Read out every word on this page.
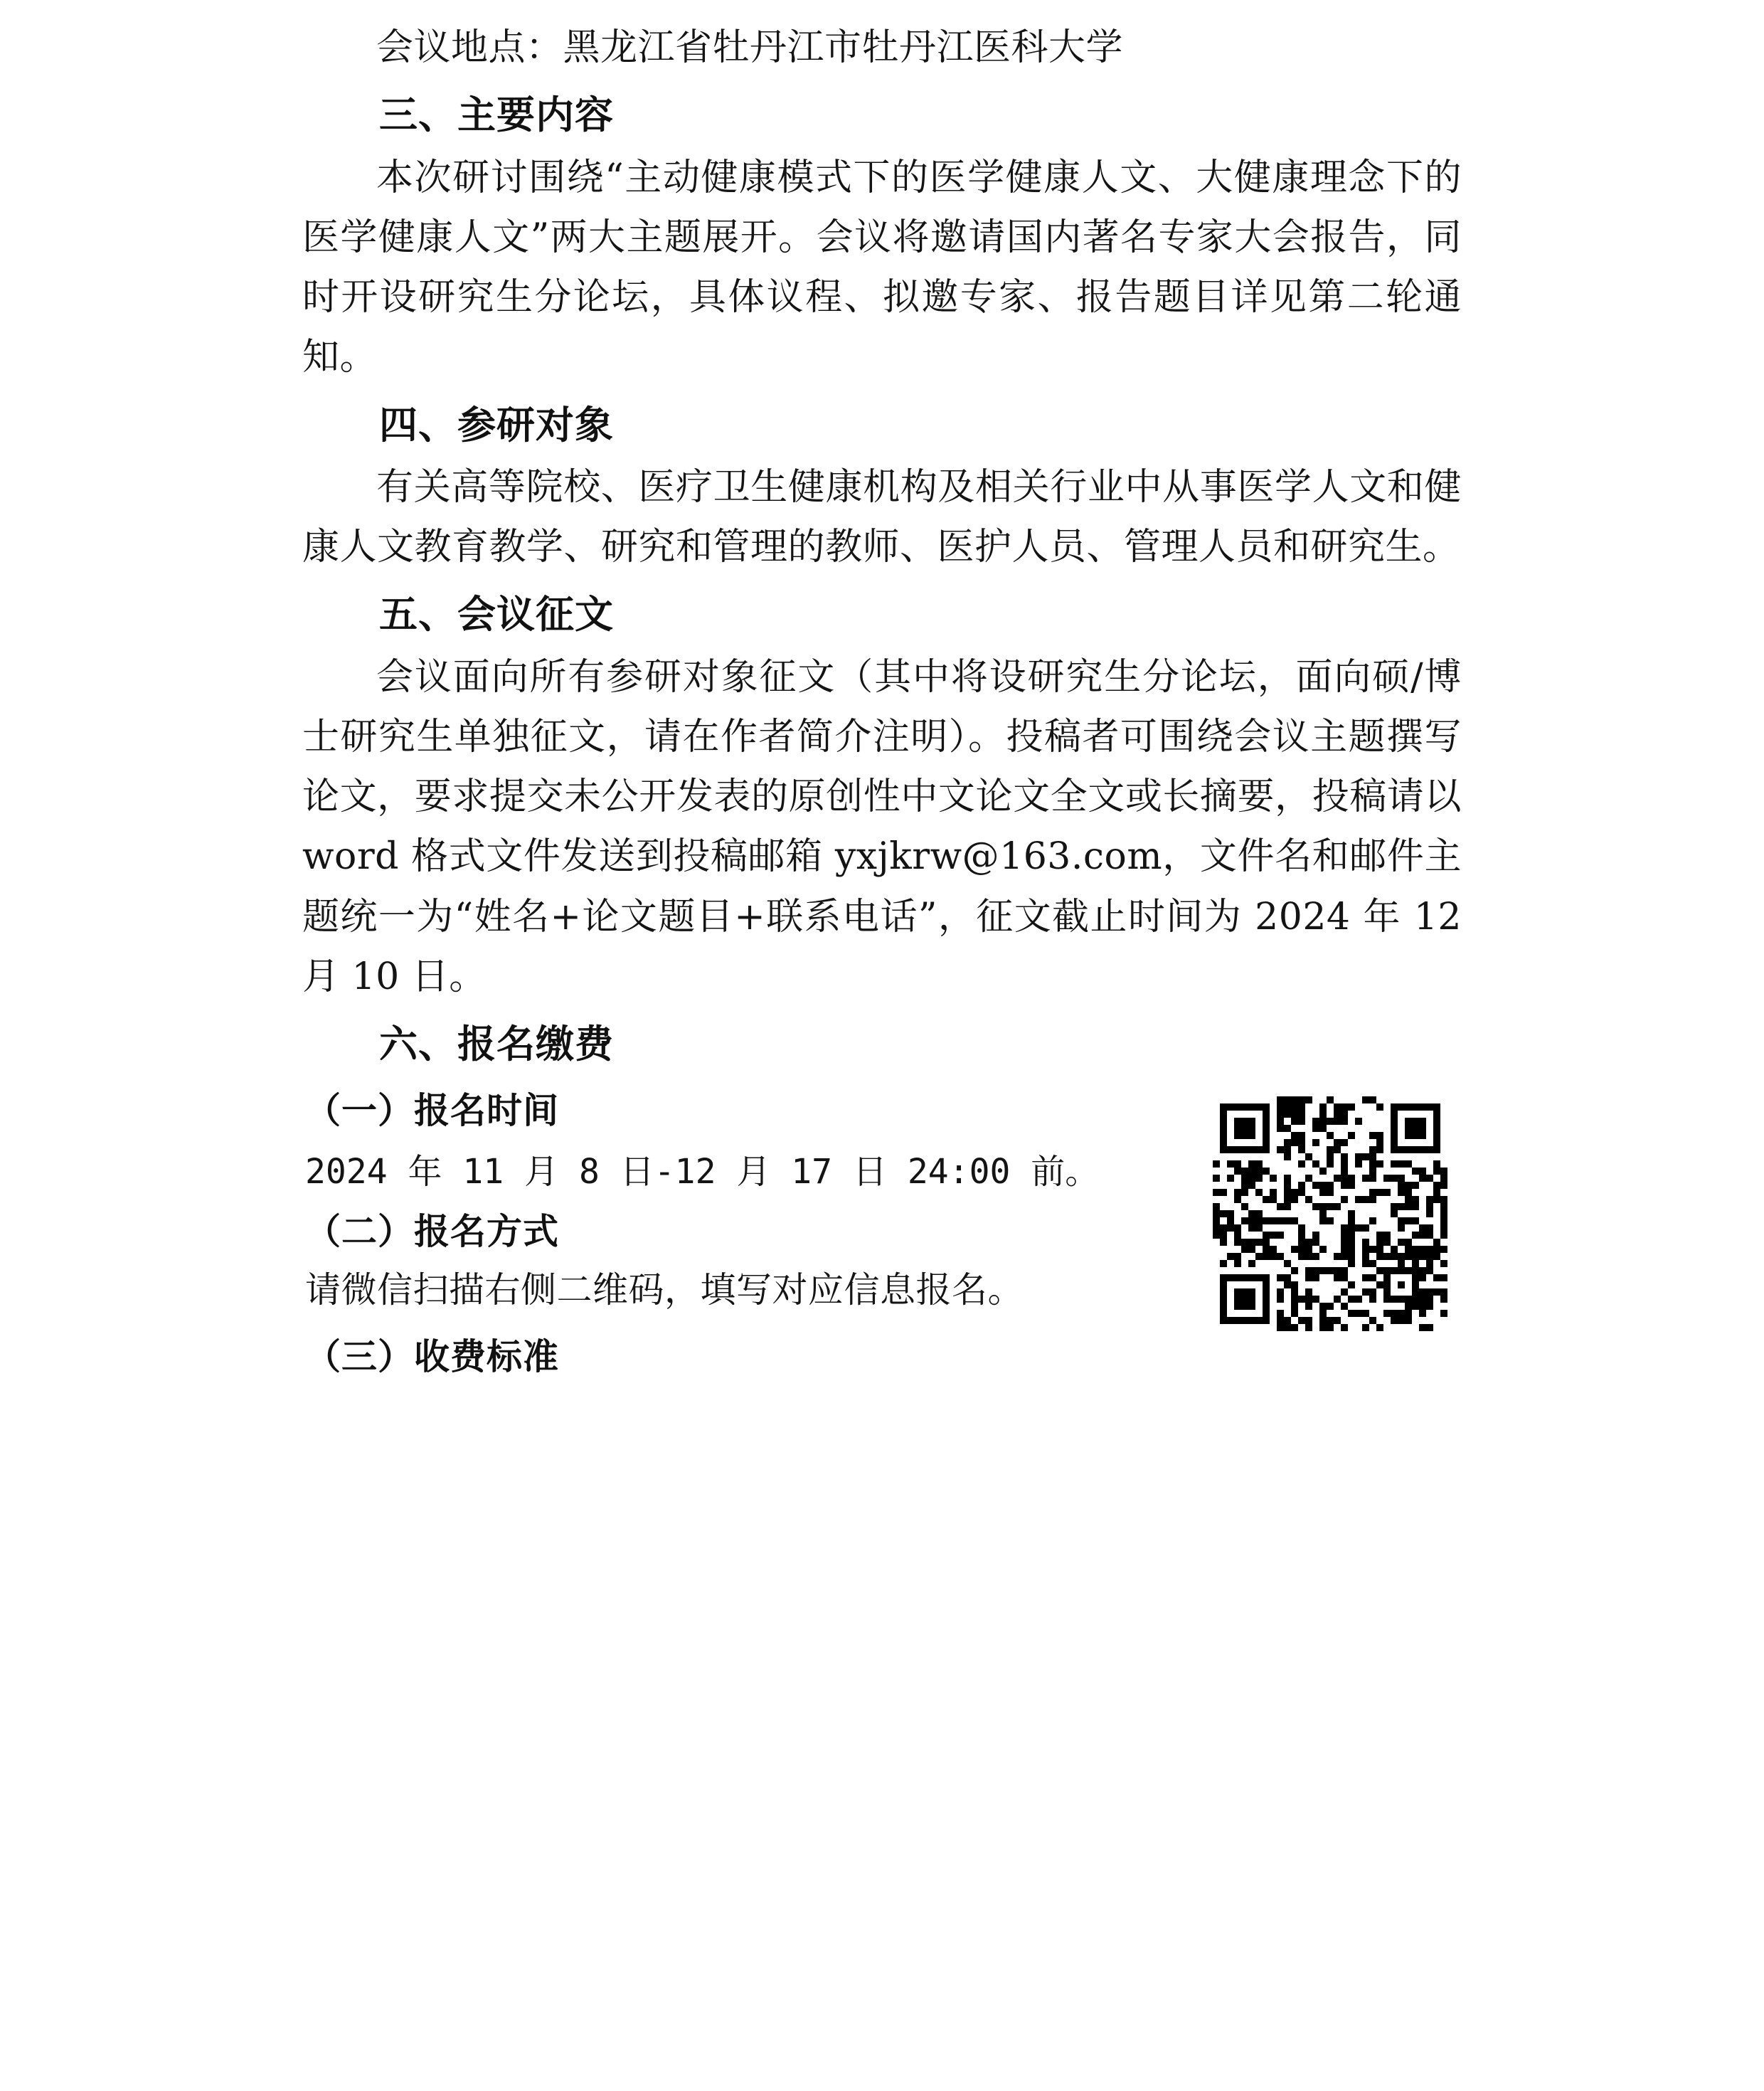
会议地点：黑龙江省牡丹江市牡丹江医科大学
三、主要内容
本次研讨围绕“主动健康模式下的医学健康人文、大健康理念下的医学健康人文”两大主题展开。会议将邀请国内著名专家大会报告，同时开设研究生分论坛，具体议程、拟邀专家、报告题目详见第二轮通知。
四、参研对象
有关高等院校、医疗卫生健康机构及相关行业中从事医学人文和健康人文教育教学、研究和管理的教师、医护人员、管理人员和研究生。
五、会议征文
会议面向所有参研对象征文（其中将设研究生分论坛，面向硕/博士研究生单独征文，请在作者简介注明）。投稿者可围绕会议主题撰写论文，要求提交未公开发表的原创性中文论文全文或长摘要，投稿请以 word 格式文件发送到投稿邮箱 yxjkrw@163.com，文件名和邮件主题统一为“姓名+论文题目+联系电话”，征文截止时间为 2024 年 12 月 10 日。
六、报名缴费
（一）报名时间
2024 年 11 月 8 日-12 月 17 日 24:00 前。
（二）报名方式
请微信扫描右侧二维码，填写对应信息报名。
（三）收费标准
